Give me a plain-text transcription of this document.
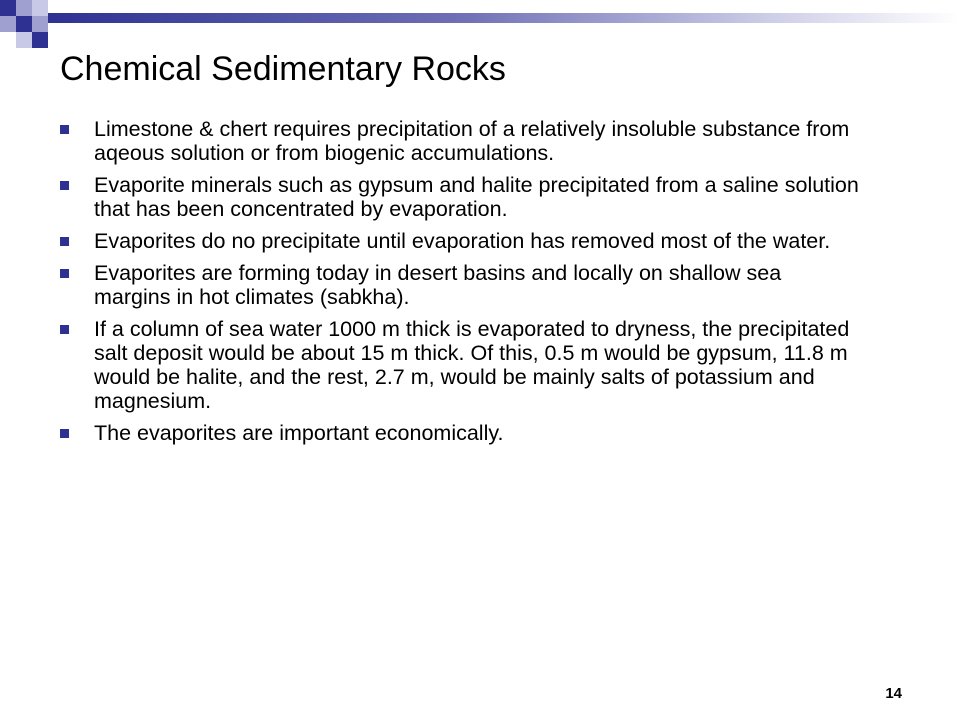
Chemical Sedimentary Rocks
Limestone & chert requires precipitation of a relatively insoluble substance from aqeous solution or from biogenic accumulations.
Evaporite minerals such as gypsum and halite precipitated from a saline solution that has been concentrated by evaporation.
Evaporites do no precipitate until evaporation has removed most of the water.
Evaporites are forming today in desert basins and locally on shallow sea margins in hot climates (sabkha).
If a column of sea water 1000 m thick is evaporated to dryness, the precipitated salt deposit would be about 15 m thick. Of this, 0.5 m would be gypsum, 11.8 m would be halite, and the rest, 2.7 m, would be mainly salts of potassium and magnesium.
The evaporites are important economically.
14
